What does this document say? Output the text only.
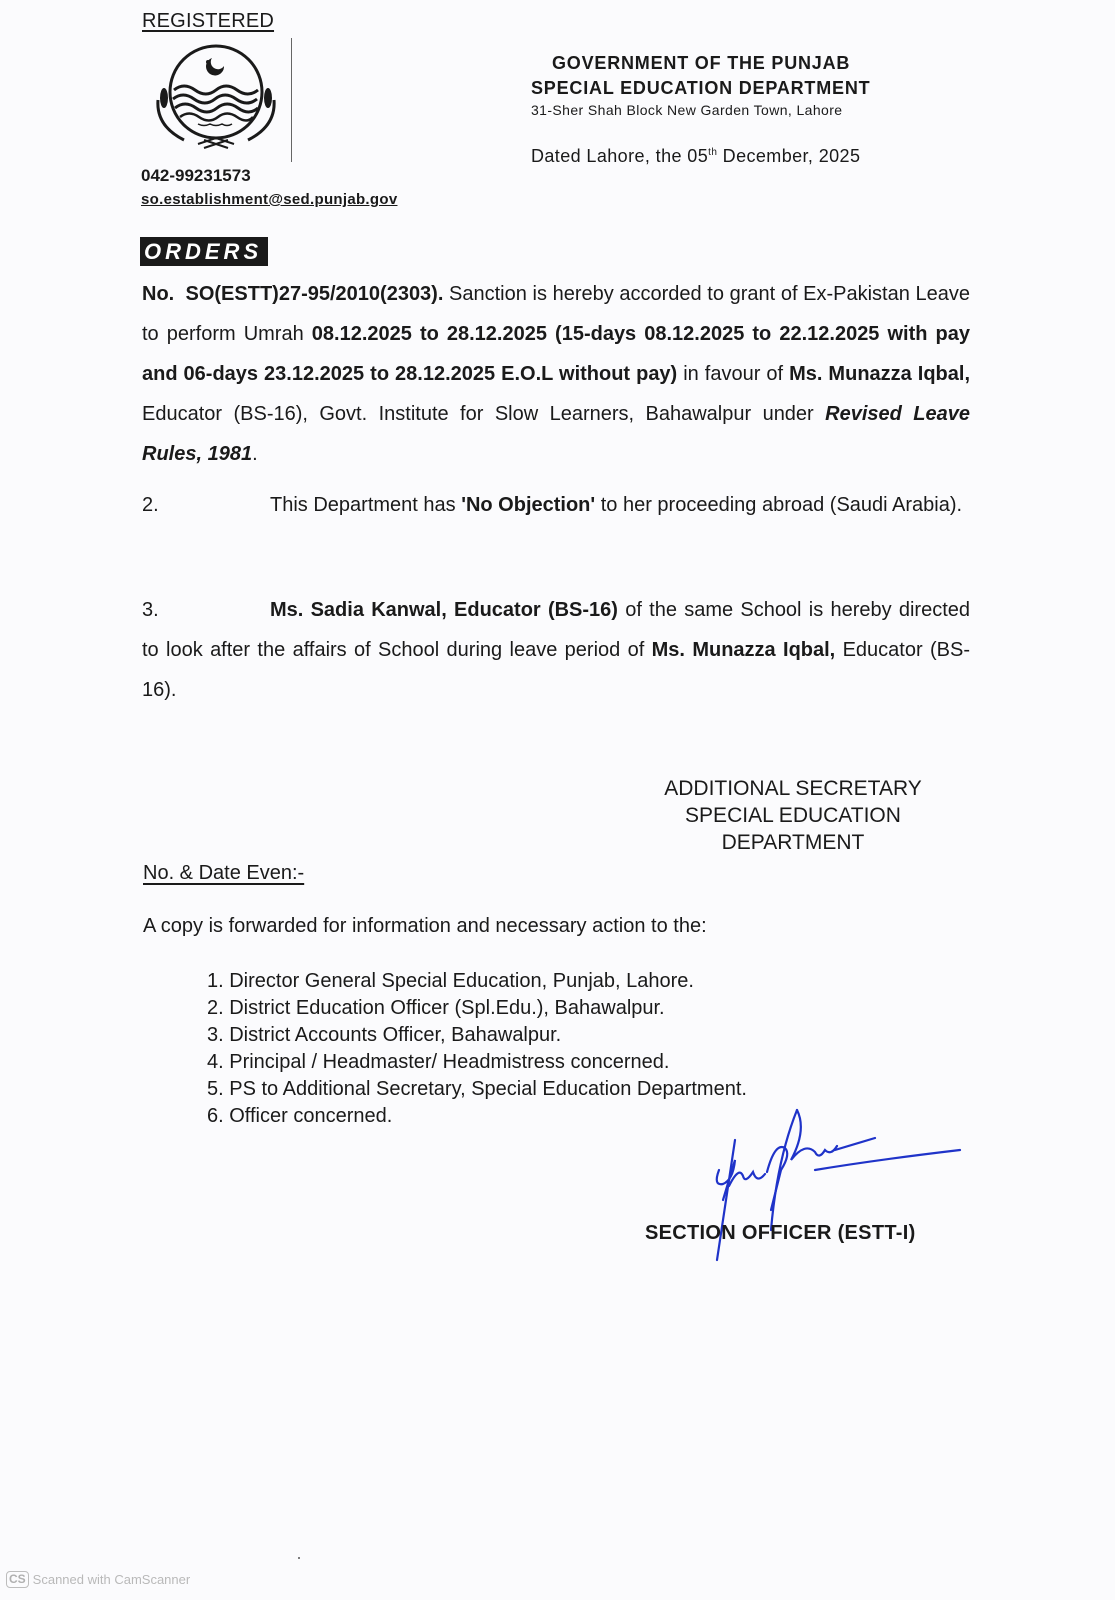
REGISTERED
042-99231573
so.establishment@sed.punjab.gov
GOVERNMENT OF THE PUNJAB
SPECIAL EDUCATION DEPARTMENT
31-Sher Shah Block New Garden Town, Lahore
Dated Lahore, the 05th December, 2025
ORDERS
No. SO(ESTT)27-95/2010(2303). Sanction is hereby accorded to grant of Ex-Pakistan Leave to perform Umrah 08.12.2025 to 28.12.2025 (15-days 08.12.2025 to 22.12.2025 with pay and 06-days 23.12.2025 to 28.12.2025 E.O.L without pay) in favour of Ms. Munazza Iqbal, Educator (BS-16), Govt. Institute for Slow Learners, Bahawalpur under Revised Leave Rules, 1981.
2.	This Department has 'No Objection' to her proceeding abroad (Saudi Arabia).
3.	Ms. Sadia Kanwal, Educator (BS-16) of the same School is hereby directed to look after the affairs of School during leave period of Ms. Munazza Iqbal, Educator (BS-16).
ADDITIONAL SECRETARY
SPECIAL EDUCATION
DEPARTMENT
No. & Date Even:-
A copy is forwarded for information and necessary action to the:
1. Director General Special Education, Punjab, Lahore.
2. District Education Officer (Spl.Edu.), Bahawalpur.
3. District Accounts Officer, Bahawalpur.
4. Principal / Headmaster/ Headmistress concerned.
5. PS to Additional Secretary, Special Education Department.
6. Officer concerned.
SECTION OFFICER (ESTT-I)
CS Scanned with CamScanner
